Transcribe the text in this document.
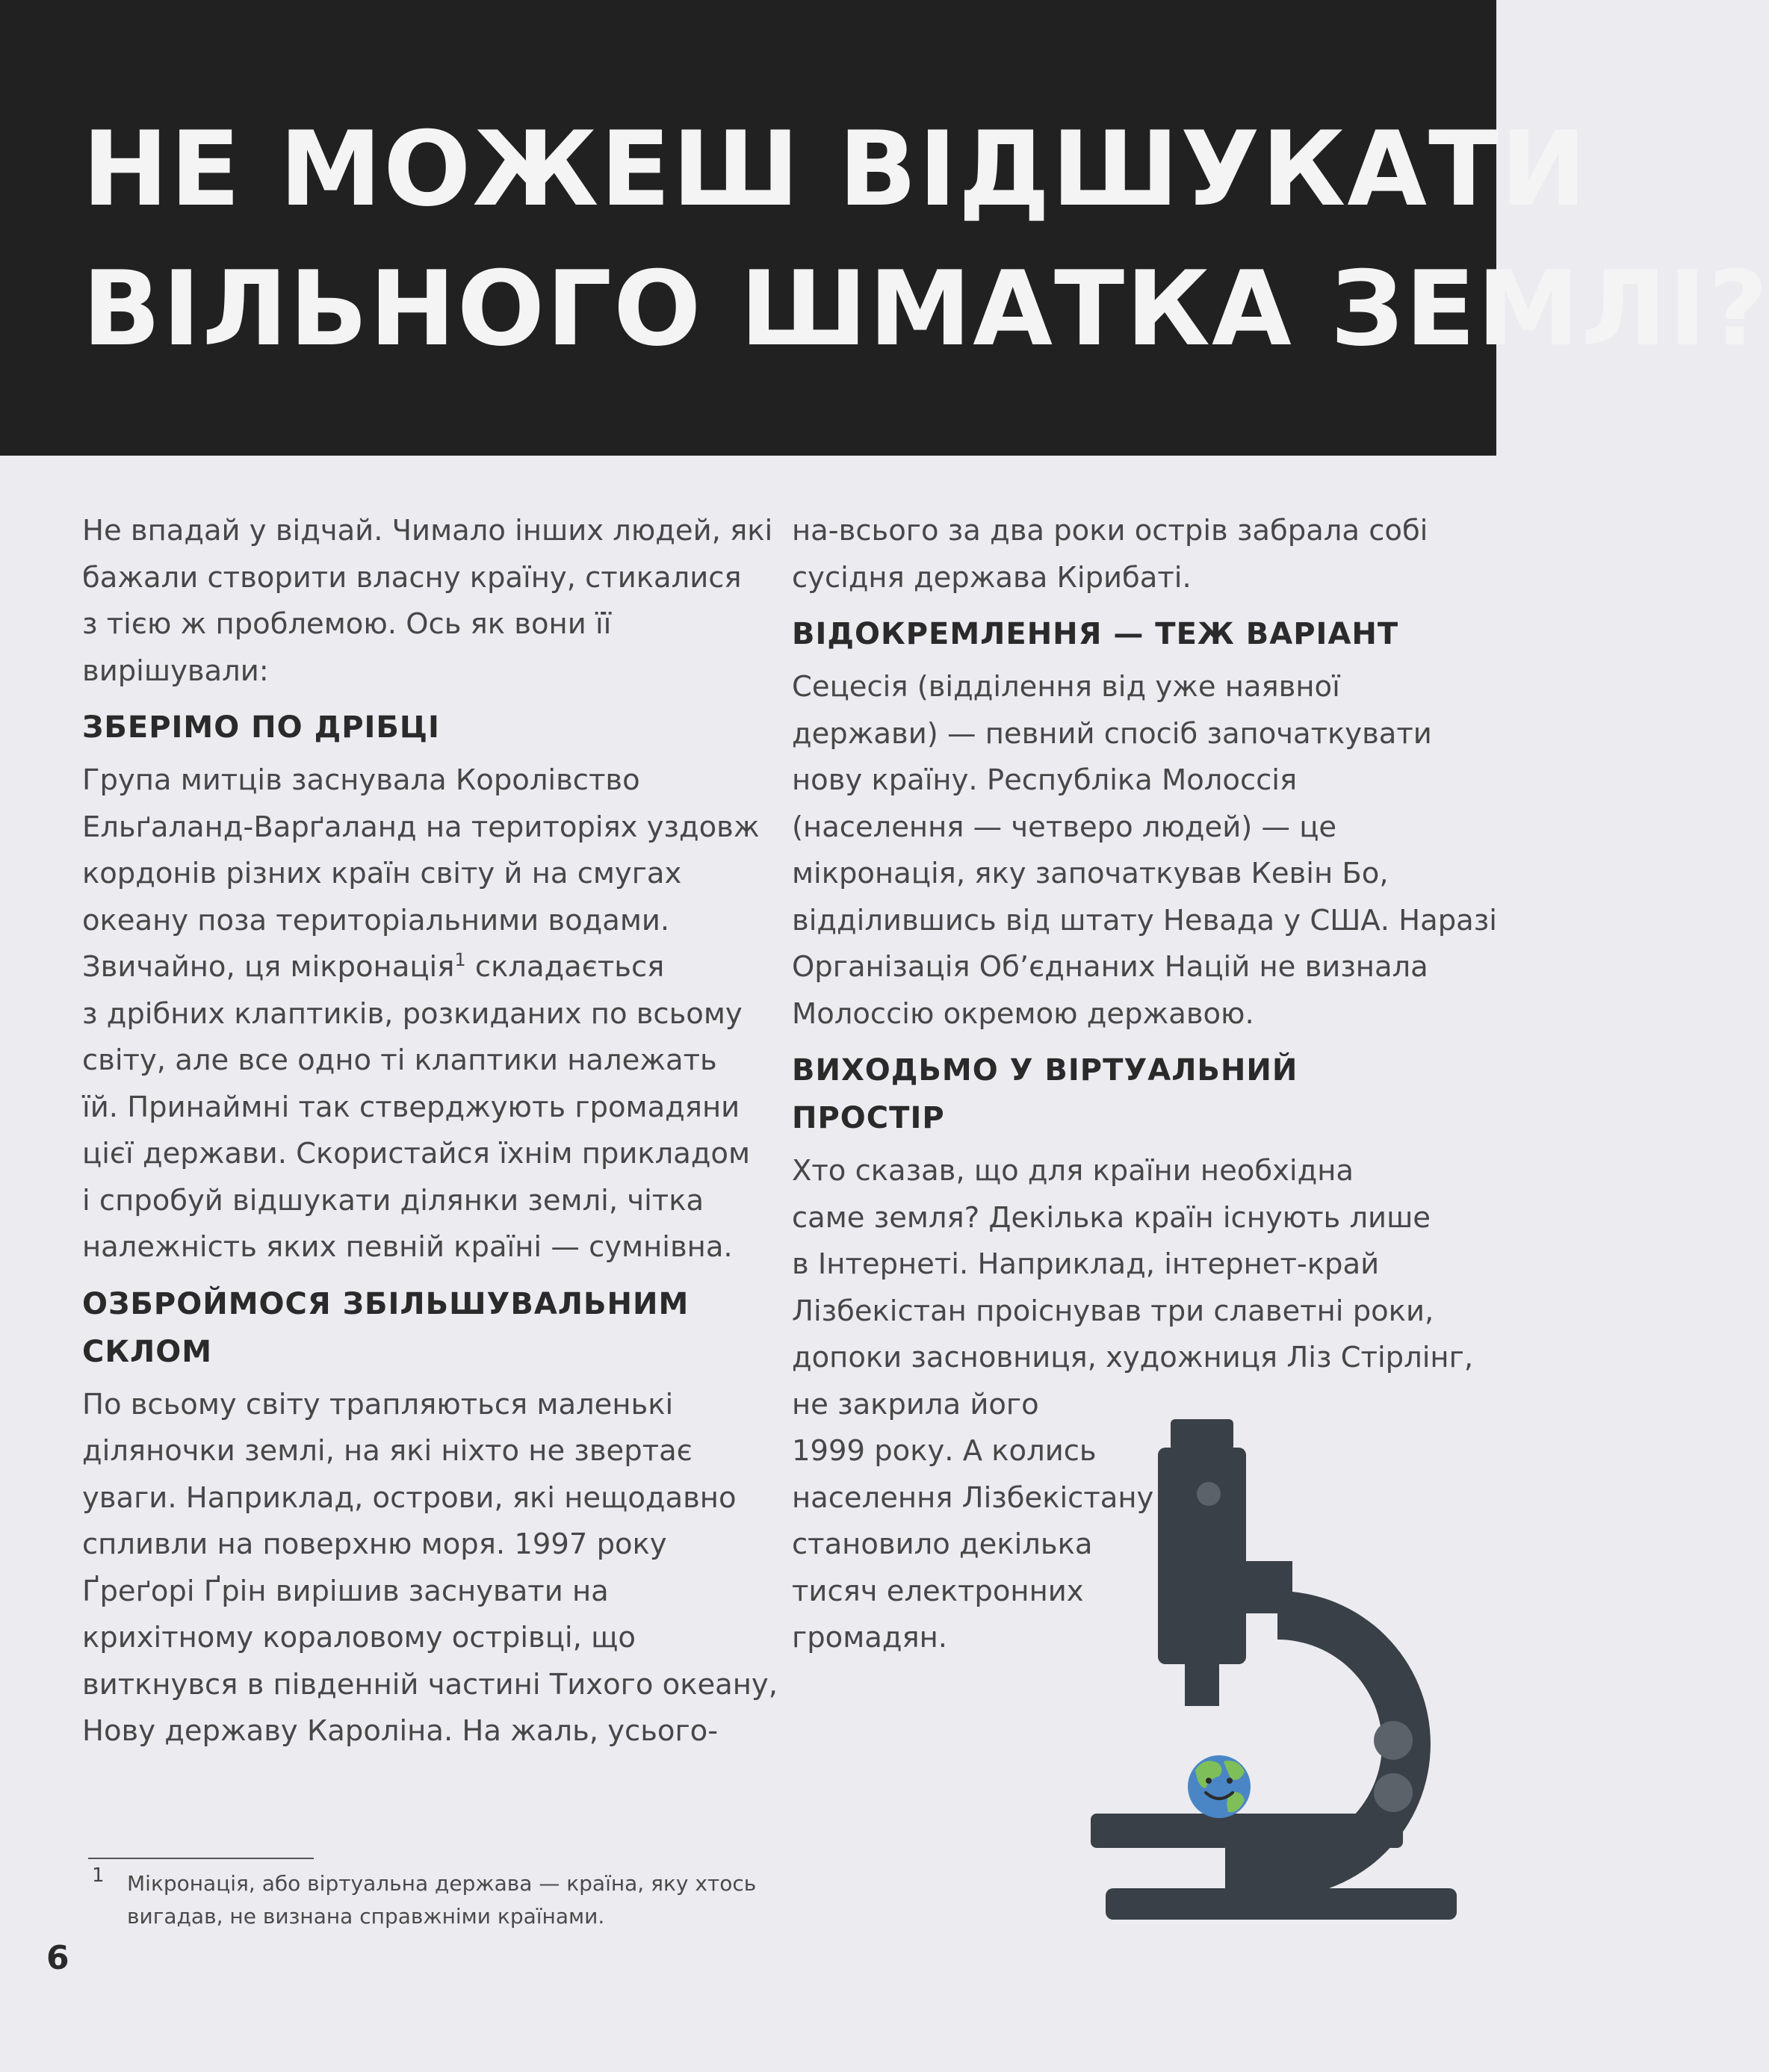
НЕ МОЖЕШ ВІДШУКАТИ
ВІЛЬНОГО ШМАТКА ЗЕМЛІ?
Не впадай у відчай. Чимало інших людей, які
бажали створити власну країну, стикалися
з тією ж проблемою. Ось як вони її
вирішували:
ЗБЕРІМО ПО ДРІБЦІ
Група митців заснувала Королівство
Ельґаланд-Варґаланд на територіях уздовж
кордонів різних країн світу й на смугах
океану поза територіальними водами.
Звичайно, ця мікронація$^1$ складається
з дрібних клаптиків, розкиданих по всьому
світу, але все одно ті клаптики належать
їй. Принаймні так стверджують громадяни
цієї держави. Скористайся їхнім прикладом
і спробуй відшукати ділянки землі, чітка
належність яких певній країні — сумнівна.
ОЗБРОЙМОСЯ ЗБІЛЬШУВАЛЬНИМ
СКЛОМ
По всьому світу трапляються маленькі
діляночки землі, на які ніхто не звертає
уваги. Наприклад, острови, які нещодавно
спливли на поверхню моря. 1997 року
Ґреґорі Ґрін вирішив заснувати на
крихітному кораловому острівці, що
виткнувся в південній частині Тихого океану,
Нову державу Кароліна. На жаль, усього-
на-всього за два роки острів забрала собі
сусідня держава Кірибаті.
ВІДОКРЕМЛЕННЯ — ТЕЖ ВАРІАНТ
Сецесія (відділення від уже наявної
держави) — певний спосіб започаткувати
нову країну. Республіка Молоссія
(населення — четверо людей) — це
мікронація, яку започаткував Кевін Бо,
відділившись від штату Невада у США. Наразі
Організація Об’єднаних Націй не визнала
Молоссію окремою державою.
ВИХОДЬМО У ВІРТУАЛЬНИЙ
ПРОСТІР
Хто сказав, що для країни необхідна
саме земля? Декілька країн існують лише
в Інтернеті. Наприклад, інтернет-край
Лізбекістан проіснував три славетні роки,
допоки засновниця, художниця Ліз Стірлінг,
не закрила його
1999 року. А колись
населення Лізбекістану
становило декілька
тисяч електронних
громадян.
1 Мікронація, або віртуальна держава — країна, яку хтось
вигадав, не визнана справжніми країнами.
6
